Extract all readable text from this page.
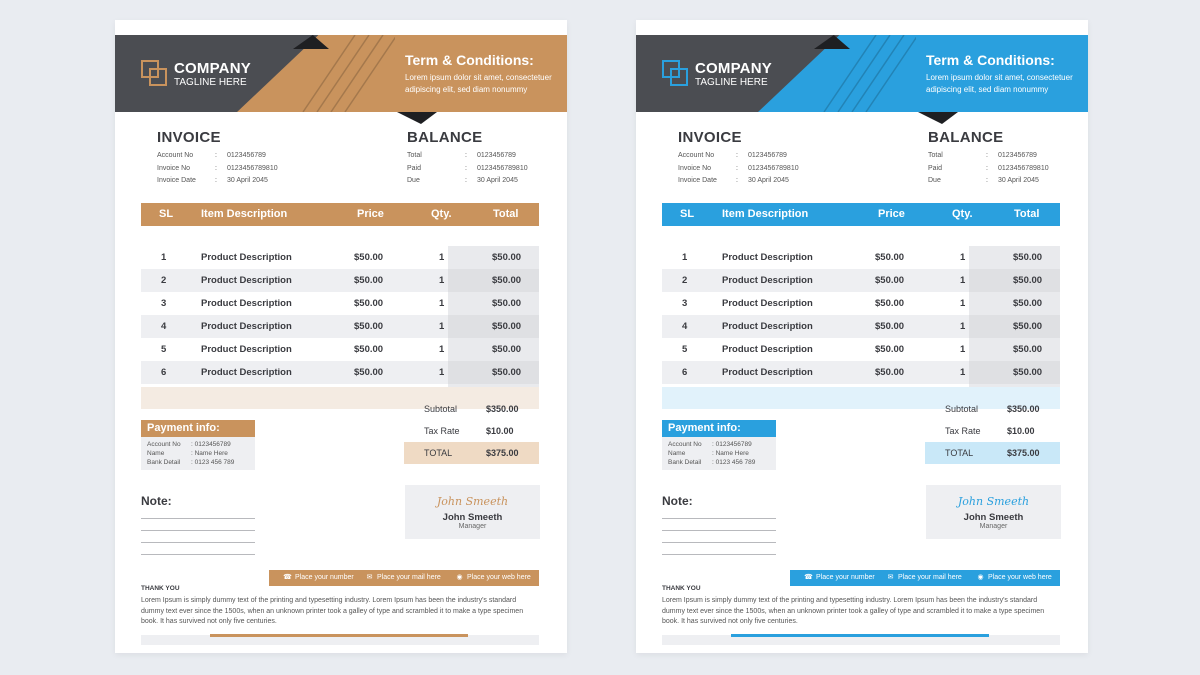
COMPANY
TAGLINE HERE
Term & Conditions:
Lorem ipsum dolor sit amet, consectetuer adipiscing elit, sed diam nonummy
INVOICE	BALANCE
Account No	:	0123456789
Invoice No	:	0123456789810
Invoice Date	:	30 April 2045
Total	:	0123456789
Paid	:	0123456789810
Due	:	30 April 2045
SL	Item Description	Price	Qty.	Total
1	Product Description	$50.00	1	$50.00
2	Product Description	$50.00	1	$50.00
3	Product Description	$50.00	1	$50.00
4	Product Description	$50.00	1	$50.00
5	Product Description	$50.00	1	$50.00
6	Product Description	$50.00	1	$50.00
Subtotal	$350.00
Tax Rate	$10.00
TOTAL	$375.00
Payment info:
Account No	: 0123456789
Name	: Name Here
Bank Detail	: 0123 456 789
Note:	John Smeeth
John Smeeth
Manager
☎ Place your number ✉ Place your mail here ◉ Place your web here
THANK YOU
Lorem Ipsum is simply dummy text of the printing and typesetting industry. Lorem Ipsum has been the industry's standard dummy text ever since the 1500s, when an unknown printer took a galley of type and scrambled it to make a type specimen book. It has survived not only five centuries.
COMPANY
TAGLINE HERE
Term & Conditions:
Lorem ipsum dolor sit amet, consectetuer adipiscing elit, sed diam nonummy
INVOICE	BALANCE
Account No	:	0123456789
Invoice No	:	0123456789810
Invoice Date	:	30 April 2045
Total	:	0123456789
Paid	:	0123456789810
Due	:	30 April 2045
SL	Item Description	Price	Qty.	Total
1	Product Description	$50.00	1	$50.00
2	Product Description	$50.00	1	$50.00
3	Product Description	$50.00	1	$50.00
4	Product Description	$50.00	1	$50.00
5	Product Description	$50.00	1	$50.00
6	Product Description	$50.00	1	$50.00
Subtotal	$350.00
Tax Rate	$10.00
TOTAL	$375.00
Payment info:
Account No	: 0123456789
Name	: Name Here
Bank Detail	: 0123 456 789
Note:	John Smeeth
John Smeeth
Manager
☎ Place your number ✉ Place your mail here ◉ Place your web here
THANK YOU
Lorem Ipsum is simply dummy text of the printing and typesetting industry. Lorem Ipsum has been the industry's standard dummy text ever since the 1500s, when an unknown printer took a galley of type and scrambled it to make a type specimen book. It has survived not only five centuries.
